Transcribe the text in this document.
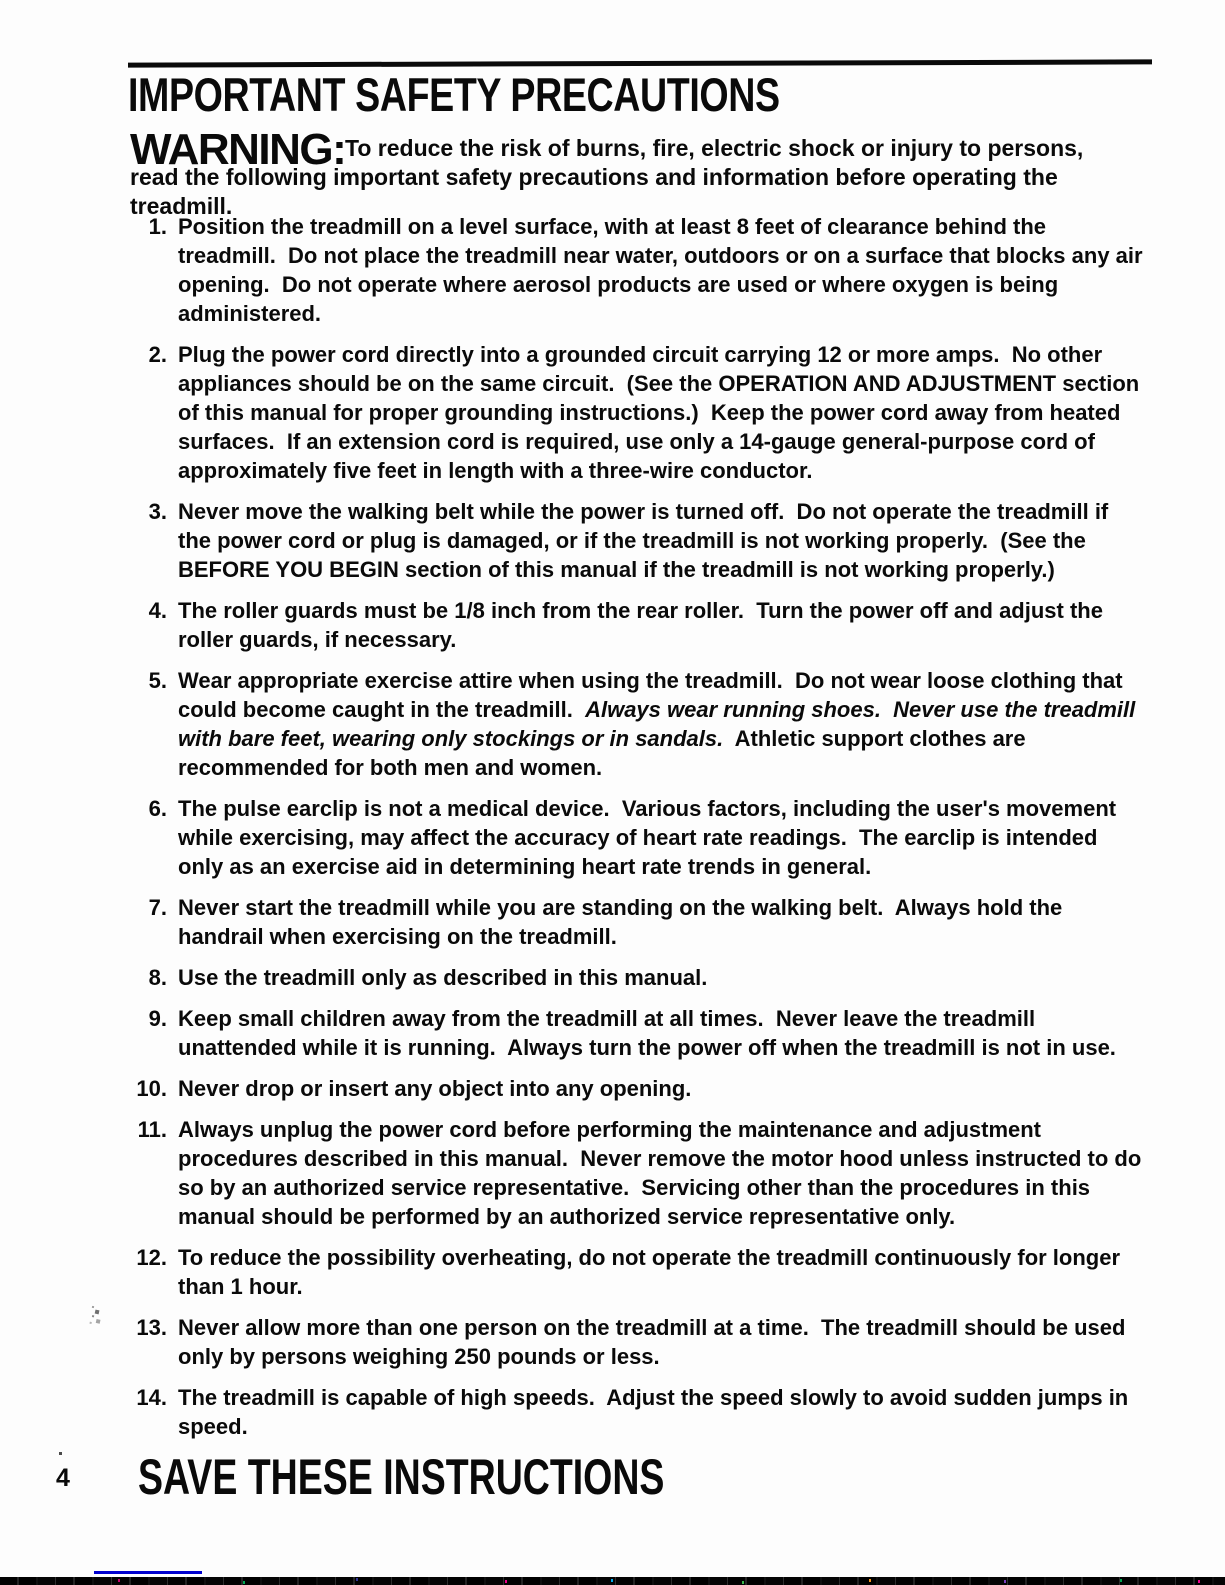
IMPORTANT SAFETY PRECAUTIONS

WARNING: To reduce the risk of burns, fire, electric shock or injury to persons, read the following important safety precautions and information before operating the treadmill.

1. Position the treadmill on a level surface, with at least 8 feet of clearance behind the treadmill.  Do not place the treadmill near water, outdoors or on a surface that blocks any air opening.  Do not operate where aerosol products are used or where oxygen is being administered.
2. Plug the power cord directly into a grounded circuit carrying 12 or more amps.  No other appliances should be on the same circuit.  (See the OPERATION AND ADJUSTMENT section of this manual for proper grounding instructions.)  Keep the power cord away from heated surfaces.  If an extension cord is required, use only a 14-gauge general-purpose cord of approximately five feet in length with a three-wire conductor.
3. Never move the walking belt while the power is turned off.  Do not operate the treadmill if the power cord or plug is damaged, or if the treadmill is not working properly.  (See the BEFORE YOU BEGIN section of this manual if the treadmill is not working properly.)
4. The roller guards must be 1/8 inch from the rear roller.  Turn the power off and adjust the roller guards, if necessary.
5. Wear appropriate exercise attire when using the treadmill.  Do not wear loose clothing that could become caught in the treadmill.  Always wear running shoes.  Never use the treadmill with bare feet, wearing only stockings or in sandals.  Athletic support clothes are recommended for both men and women.
6. The pulse earclip is not a medical device.  Various factors, including the user's movement while exercising, may affect the accuracy of heart rate readings.  The earclip is intended only as an exercise aid in determining heart rate trends in general.
7. Never start the treadmill while you are standing on the walking belt.  Always hold the handrail when exercising on the treadmill.
8. Use the treadmill only as described in this manual.
9. Keep small children away from the treadmill at all times.  Never leave the treadmill unattended while it is running.  Always turn the power off when the treadmill is not in use.
10. Never drop or insert any object into any opening.
11. Always unplug the power cord before performing the maintenance and adjustment procedures described in this manual.  Never remove the motor hood unless instructed to do so by an authorized service representative.  Servicing other than the procedures in this manual should be performed by an authorized service representative only.
12. To reduce the possibility overheating, do not operate the treadmill continuously for longer than 1 hour.
13. Never allow more than one person on the treadmill at a time.  The treadmill should be used only by persons weighing 250 pounds or less.
14. The treadmill is capable of high speeds.  Adjust the speed slowly to avoid sudden jumps in speed.
4 SAVE THESE INSTRUCTIONS
